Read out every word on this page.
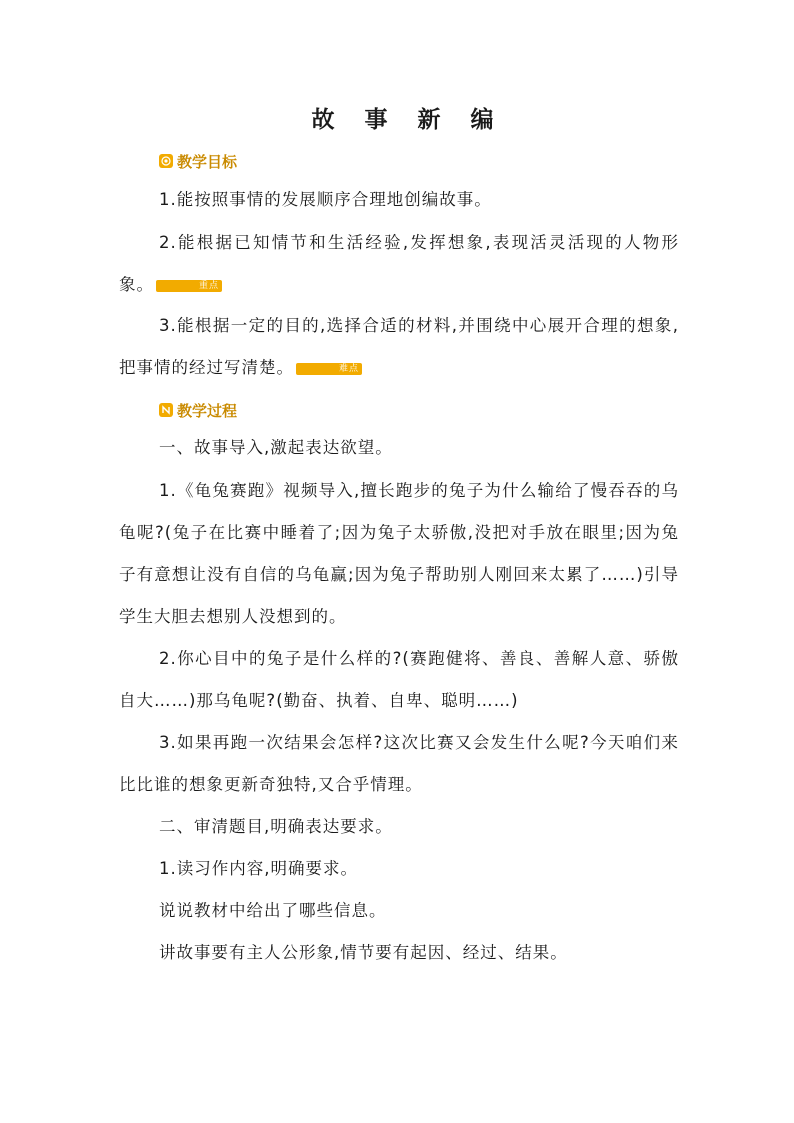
故 事 新 编
教学目标

1.能按照事情的发展顺序合理地创编故事。

2.能根据已知情节和生活经验,发挥想象,表现活灵活现的人物形象。	重点

3.能根据一定的目的,选择合适的材料,并围绕中心展开合理的想象,把事情的经过写清楚。	难点

教学过程

一、故事导入,激起表达欲望。

1.《龟兔赛跑》视频导入,擅长跑步的兔子为什么输给了慢吞吞的乌龟呢?(兔子在比赛中睡着了;因为兔子太骄傲,没把对手放在眼里;因为兔子有意想让没有自信的乌龟赢;因为兔子帮助别人刚回来太累了……)引导学生大胆去想别人没想到的。

2.你心目中的兔子是什么样的?(赛跑健将、善良、善解人意、骄傲自大……)那乌龟呢?(勤奋、执着、自卑、聪明……)

3.如果再跑一次结果会怎样?这次比赛又会发生什么呢?今天咱们来比比谁的想象更新奇独特,又合乎情理。

二、审清题目,明确表达要求。

1.读习作内容,明确要求。

说说教材中给出了哪些信息。

讲故事要有主人公形象,情节要有起因、经过、结果。
